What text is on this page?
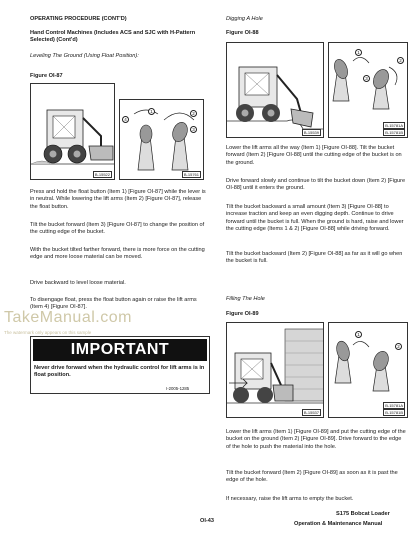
OPERATING PROCEDURE (CONT'D)
Hand Control Machines (Includes ACS and SJC with H-Pattern Selected) (Cont'd)
Leveling The Ground (Using Float Position):
Figure OI-87
B-15522
4
1	2
3
B-15761
Press and hold the float button (Item 1) [Figure OI-87] while the lever is in neutral. While lowering the lift arms (Item 2) [Figure OI-87], release the float button.
Tilt the bucket forward (Item 3) [Figure OI-87] to change the position of the cutting edge of the bucket.
With the bucket tilted farther forward, there is more force on the cutting edge and more loose material can be moved.
Drive backward to level loose material.
To disengage float, press the float button again or raise the lift arms (Item 4) [Figure OI-87].
IMPORTANT
Never drive forward when the hydraulic control for lift arms is in float position.
I-2005-1285
Digging A Hole
Figure OI-88
B-15539
1
2
3
B-15781A
B-15781B
Lower the lift arms all the way (Item 1) [Figure OI-88]. Tilt the bucket forward (Item 2) [Figure OI-88] until the cutting edge of the bucket is on the ground.
Drive forward slowly and continue to tilt the bucket down (Item 2) [Figure OI-88] until it enters the ground.
Tilt the bucket backward a small amount (Item 3) [Figure OI-88] to increase traction and keep an even digging depth. Continue to drive forward until the bucket is full. When the ground is hard, raise and lower the cutting edge (Items 1 & 2) [Figure OI-88] while driving forward.
Tilt the bucket backward (Item 2) [Figure OI-88] as far as it will go when the bucket is full.
Filling The Hole
Figure OI-89
B-15537
1
2
B-15781A
B-15781B
Lower the lift arms (Item 1) [Figure OI-89] and put the cutting edge of the bucket on the ground (Item 2) [Figure OI-89]. Drive forward to the edge of the hole to push the material into the hole.
Tilt the bucket forward (Item 2) [Figure OI-89] as soon as it is past the edge of the hole.
If necessary, raise the lift arms to empty the bucket.
TakeManual.com
The watermark only appears on this sample
OI-43
S175 Bobcat Loader
Operation & Maintenance Manual
